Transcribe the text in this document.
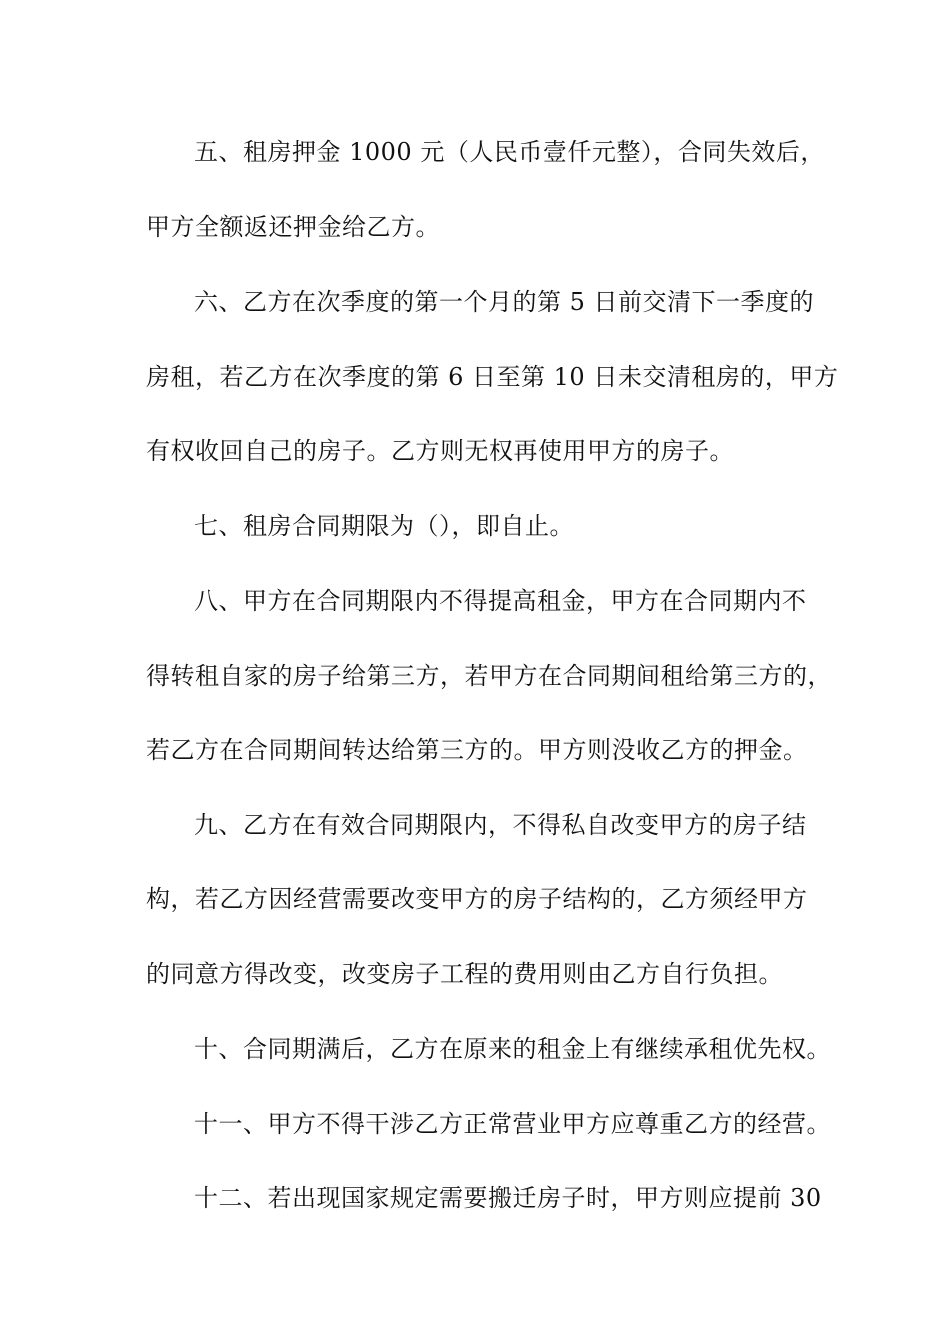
五、租房押金 1000 元（人民币壹仟元整），合同失效后，
甲方全额返还押金给乙方。
六、乙方在次季度的第一个月的第 5 日前交清下一季度的
房租，若乙方在次季度的第 6 日至第 10 日未交清租房的，甲方
有权收回自己的房子。乙方则无权再使用甲方的房子。
七、租房合同期限为（），即自止。
八、甲方在合同期限内不得提高租金，甲方在合同期内不
得转租自家的房子给第三方，若甲方在合同期间租给第三方的，
若乙方在合同期间转达给第三方的。甲方则没收乙方的押金。
九、乙方在有效合同期限内，不得私自改变甲方的房子结
构，若乙方因经营需要改变甲方的房子结构的，乙方须经甲方
的同意方得改变，改变房子工程的费用则由乙方自行负担。
十、合同期满后，乙方在原来的租金上有继续承租优先权。
十一、甲方不得干涉乙方正常营业甲方应尊重乙方的经营。
十二、若出现国家规定需要搬迁房子时，甲方则应提前 30
